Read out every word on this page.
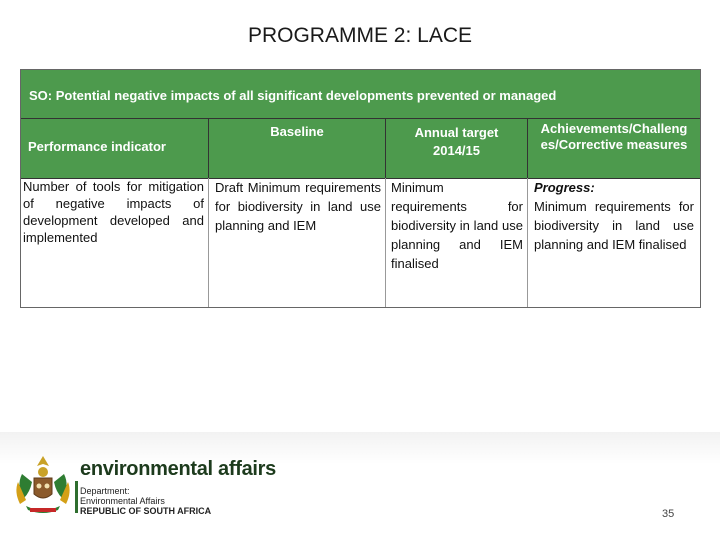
PROGRAMME 2: LACE
SO: Potential negative impacts of all significant developments prevented or managed
Performance indicator
Baseline	Annual target 2014/15
Achievements/Challeng es/Corrective measures
Number of tools for mitigation of negative impacts of development developed and implemented
Draft Minimum requirements for biodiversity in land use planning and IEM
Minimum requirements for biodiversity in land use planning and IEM finalised
Progress:
Minimum requirements for biodiversity in land use planning and IEM finalised
environmental affairs
Department:
Environmental Affairs
REPUBLIC OF SOUTH AFRICA	35
